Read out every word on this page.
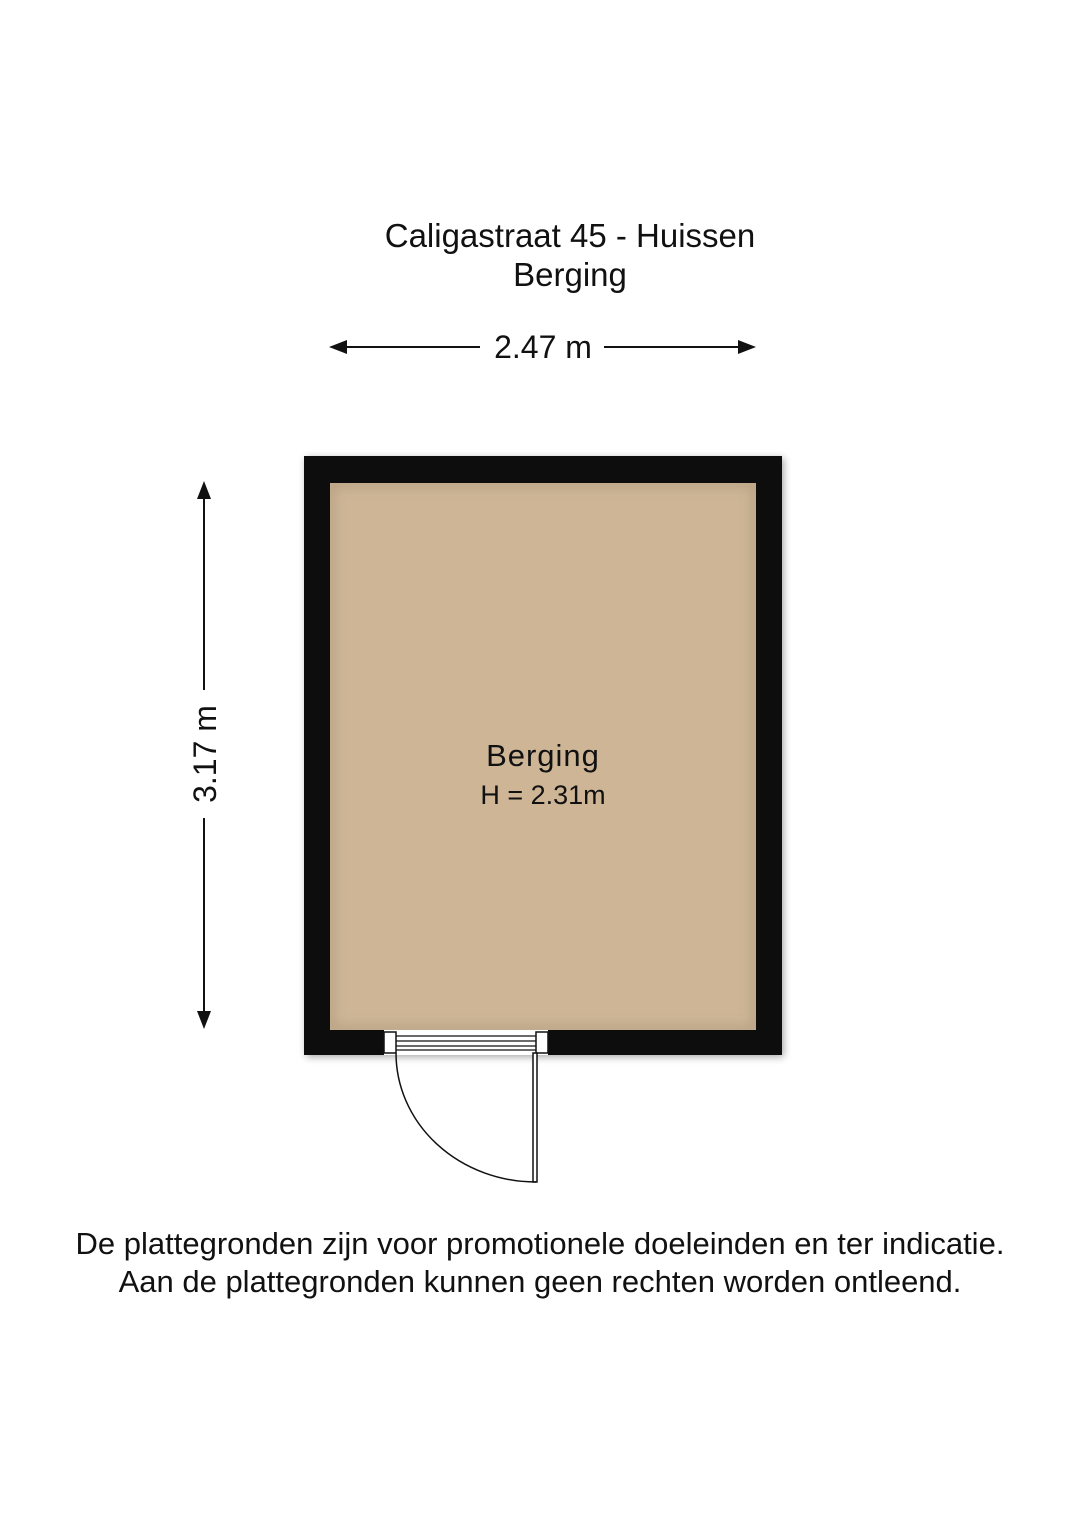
Caligastraat 45 - Huissen
Berging
2.47 m
3.17 m	Berging
H = 2.31m
De plattegronden zijn voor promotionele doeleinden en ter indicatie.
Aan de plattegronden kunnen geen rechten worden ontleend.
